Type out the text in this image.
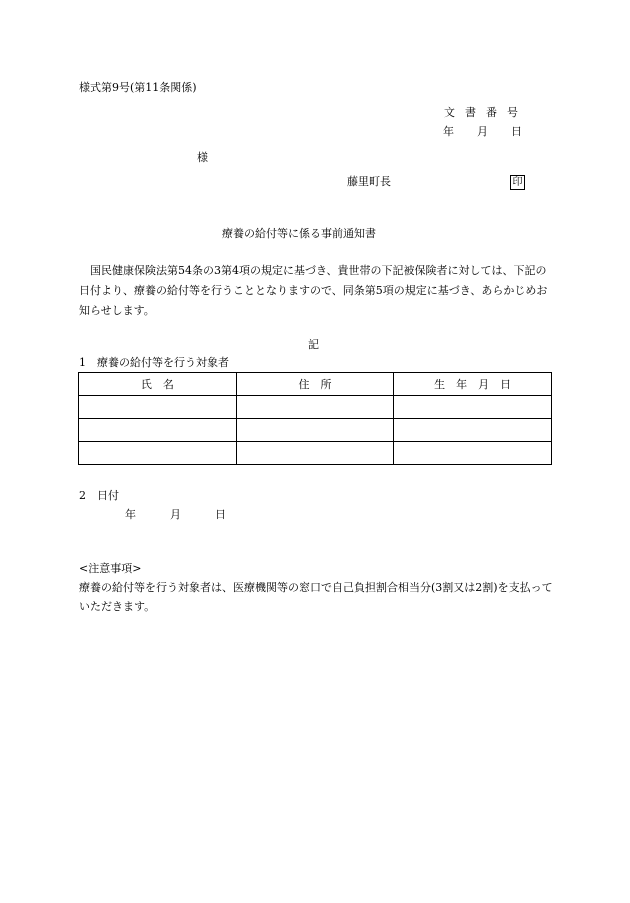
様式第9号(第11条関係)
文書番号
年　月　日
様
藤里町長	印
療養の給付等に係る事前通知書
国民健康保険法第54条の3第4項の規定に基づき、貴世帯の下記被保険者に対しては、下記の日付より、療養の給付等を行うこととなりますので、同条第5項の規定に基づき、あらかじめお知らせします。
記
1　療養の給付等を行う対象者
氏　名	住　所	生　年　月　日

2　日付
年　　月　　日
<注意事項>
療養の給付等を行う対象者は、医療機関等の窓口で自己負担割合相当分(3割又は2割)を支払っていただきます。
